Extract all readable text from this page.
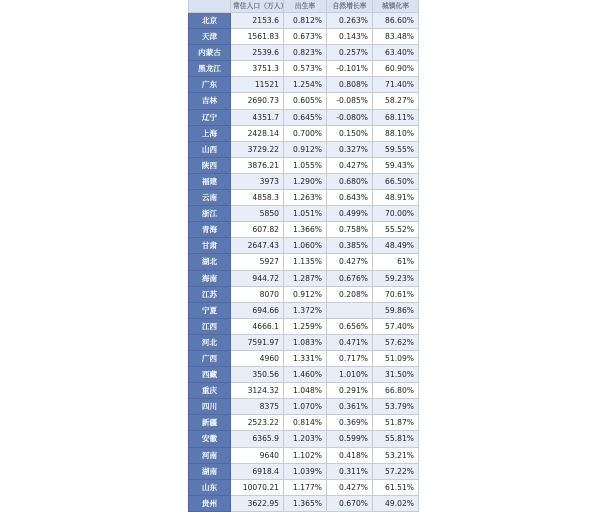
	常住人口（万人）	出生率	自然增长率	城镇化率
北京	2153.6	0.812%	0.263%	86.60%
天津	1561.83	0.673%	0.143%	83.48%
内蒙古	2539.6	0.823%	0.257%	63.40%
黑龙江	3751.3	0.573%	-0.101%	60.90%
广东	11521	1.254%	0.808%	71.40%
吉林	2690.73	0.605%	-0.085%	58.27%
辽宁	4351.7	0.645%	-0.080%	68.11%
上海	2428.14	0.700%	0.150%	88.10%
山西	3729.22	0.912%	0.327%	59.55%
陕西	3876.21	1.055%	0.427%	59.43%
福建	3973	1.290%	0.680%	66.50%
云南	4858.3	1.263%	0.643%	48.91%
浙江	5850	1.051%	0.499%	70.00%
青海	607.82	1.366%	0.758%	55.52%
甘肃	2647.43	1.060%	0.385%	48.49%
湖北	5927	1.135%	0.427%	61%
海南	944.72	1.287%	0.676%	59.23%
江苏	8070	0.912%	0.208%	70.61%
宁夏	694.66	1.372%		59.86%
江西	4666.1	1.259%	0.656%	57.40%
河北	7591.97	1.083%	0.471%	57.62%
广西	4960	1.331%	0.717%	51.09%
西藏	350.56	1.460%	1.010%	31.50%
重庆	3124.32	1.048%	0.291%	66.80%
四川	8375	1.070%	0.361%	53.79%
新疆	2523.22	0.814%	0.369%	51.87%
安徽	6365.9	1.203%	0.599%	55.81%
河南	9640	1.102%	0.418%	53.21%
湖南	6918.4	1.039%	0.311%	57.22%
山东	10070.21	1.177%	0.427%	61.51%
贵州	3622.95	1.365%	0.670%	49.02%
